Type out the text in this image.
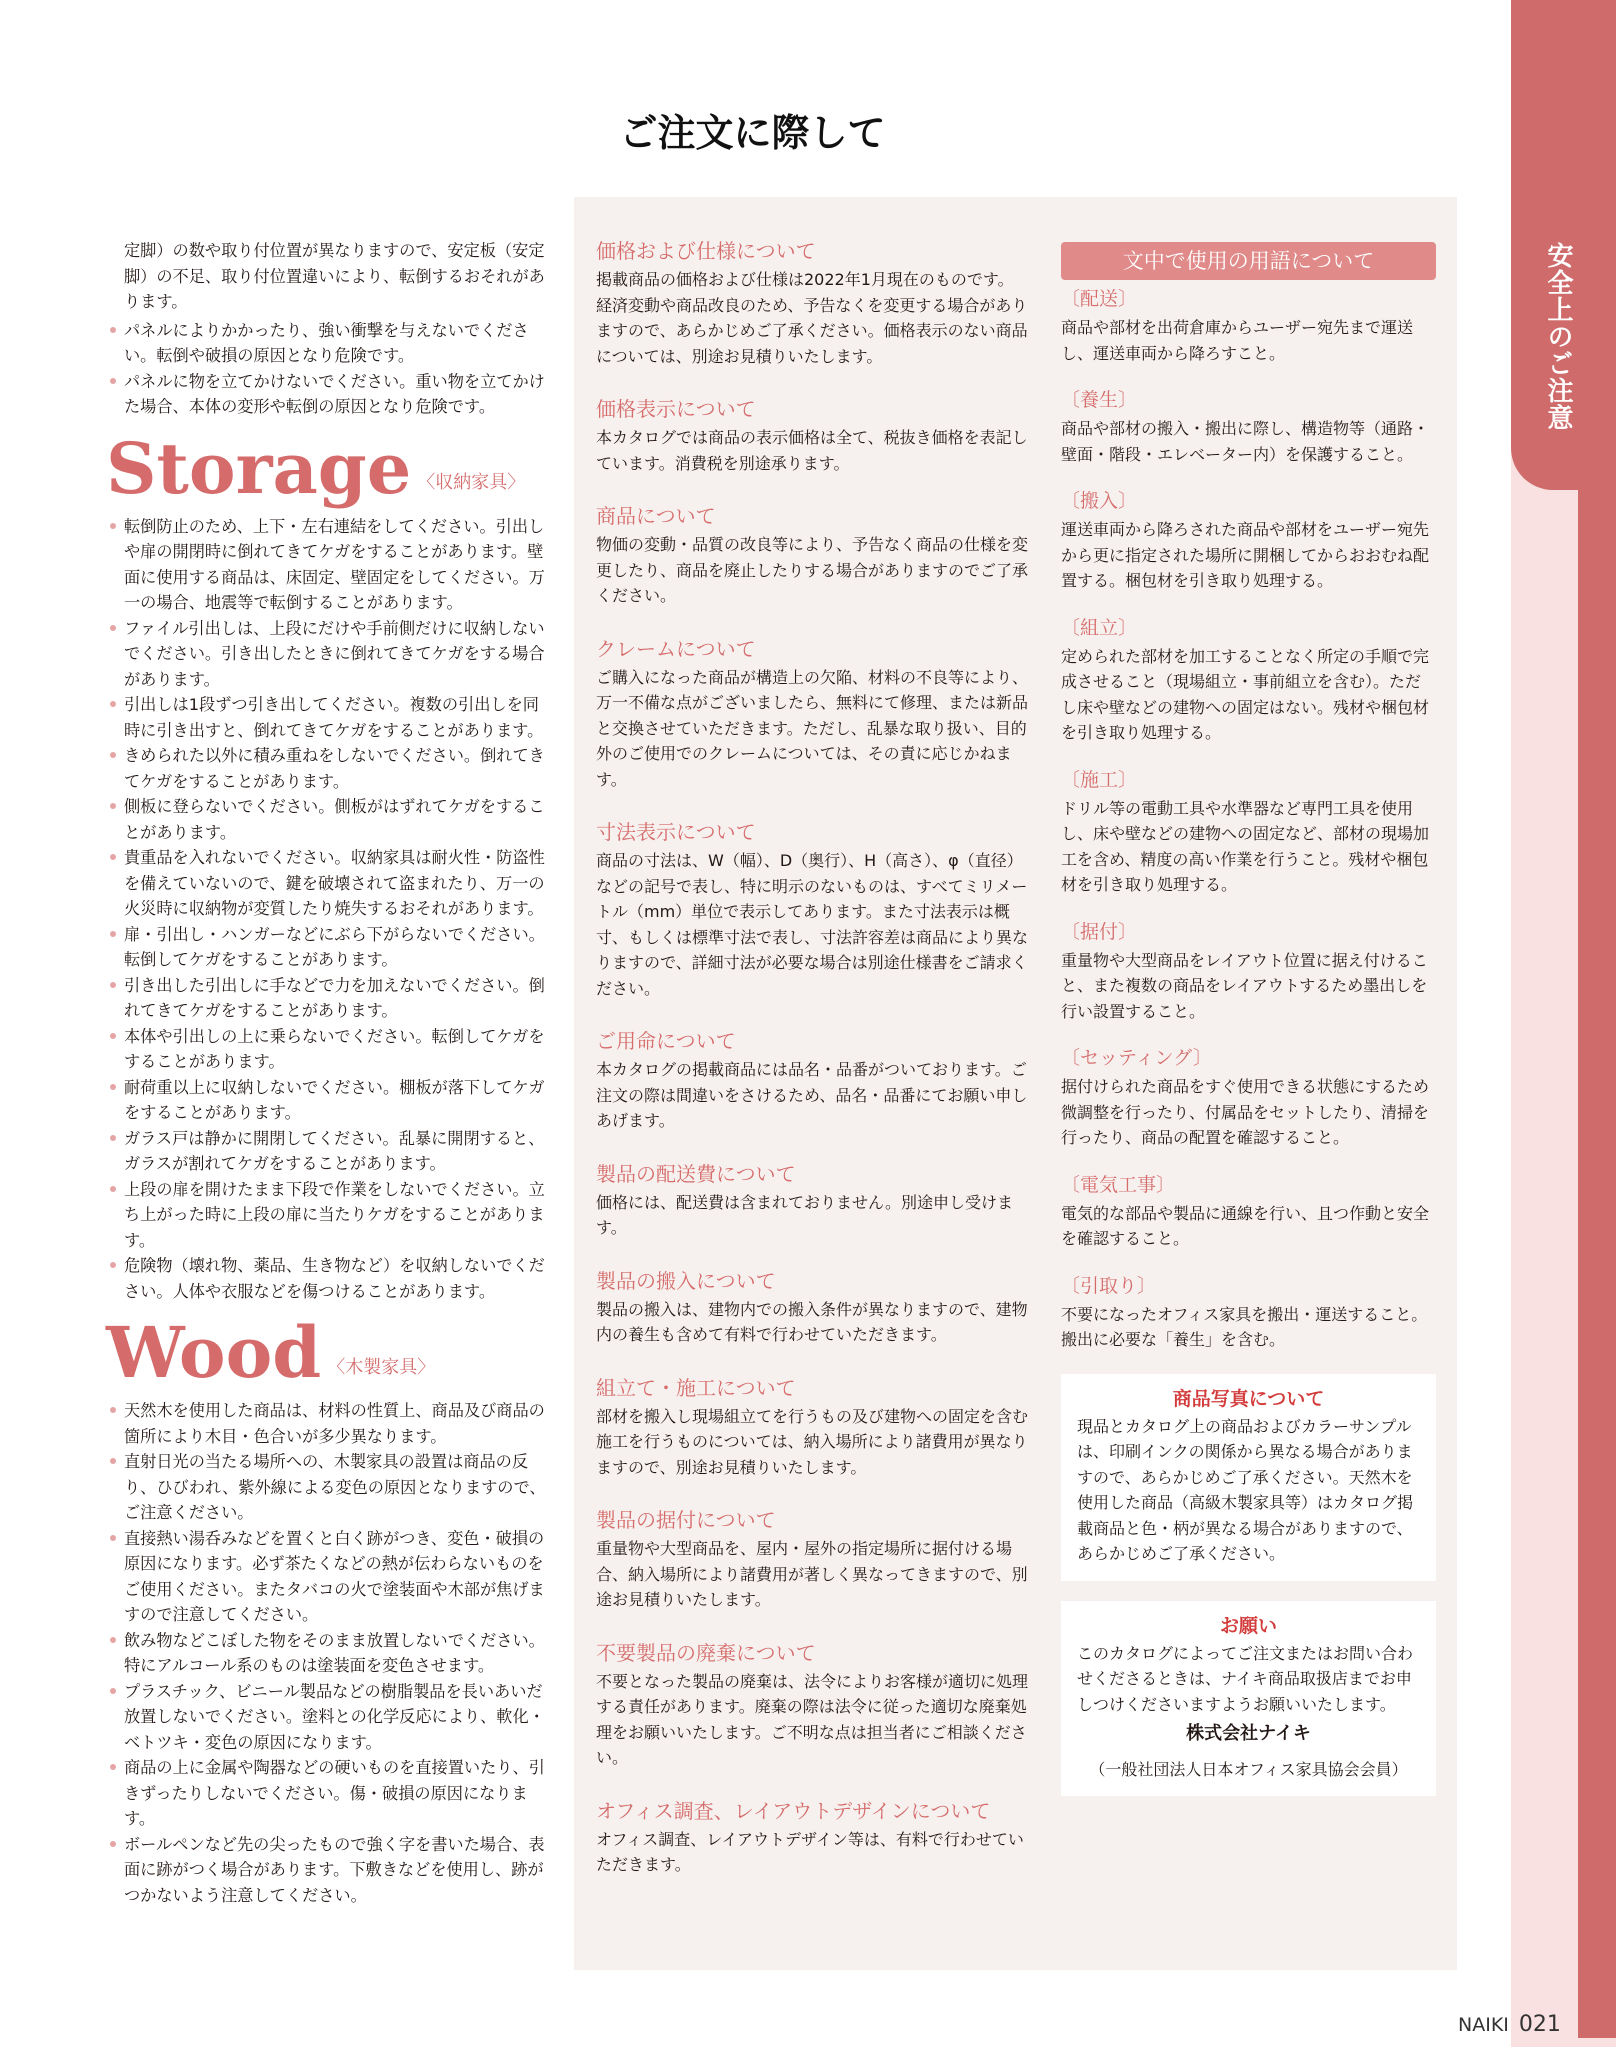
安全上のご注意
ご注文に際して

定脚）の数や取り付位置が異なりますので、安定板（安定脚）の不足、取り付位置違いにより、転倒するおそれがあります。

パネルによりかかったり、強い衝撃を与えないでください。転倒や破損の原因となり危険です。
パネルに物を立てかけないでください。重い物を立てかけた場合、本体の変形や転倒の原因となり危険です。
Storage 〈収納家具〉
転倒防止のため、上下・左右連結をしてください。引出しや扉の開閉時に倒れてきてケガをすることがあります。壁面に使用する商品は、床固定、壁固定をしてください。万一の場合、地震等で転倒することがあります。
ファイル引出しは、上段にだけや手前側だけに収納しないでください。引き出したときに倒れてきてケガをする場合があります。
引出しは1段ずつ引き出してください。複数の引出しを同時に引き出すと、倒れてきてケガをすることがあります。
きめられた以外に積み重ねをしないでください。倒れてきてケガをすることがあります。
側板に登らないでください。側板がはずれてケガをすることがあります。
貴重品を入れないでください。収納家具は耐火性・防盗性を備えていないので、鍵を破壊されて盗まれたり、万一の火災時に収納物が変質したり焼失するおそれがあります。
扉・引出し・ハンガーなどにぶら下がらないでください。転倒してケガをすることがあります。
引き出した引出しに手などで力を加えないでください。倒れてきてケガをすることがあります。
本体や引出しの上に乗らないでください。転倒してケガをすることがあります。
耐荷重以上に収納しないでください。棚板が落下してケガをすることがあります。
ガラス戸は静かに開閉してください。乱暴に開閉すると、ガラスが割れてケガをすることがあります。
上段の扉を開けたまま下段で作業をしないでください。立ち上がった時に上段の扉に当たりケガをすることがあります。
危険物（壊れ物、薬品、生き物など）を収納しないでください。人体や衣服などを傷つけることがあります。
Wood 〈木製家具〉
天然木を使用した商品は、材料の性質上、商品及び商品の箇所により木目・色合いが多少異なります。
直射日光の当たる場所への、木製家具の設置は商品の反り、ひびわれ、紫外線による変色の原因となりますので、ご注意ください。
直接熱い湯呑みなどを置くと白く跡がつき、変色・破損の原因になります。必ず茶たくなどの熱が伝わらないものをご使用ください。またタバコの火で塗装面や木部が焦げますので注意してください。
飲み物などこぼした物をそのまま放置しないでください。特にアルコール系のものは塗装面を変色させます。
プラスチック、ビニール製品などの樹脂製品を長いあいだ放置しないでください。塗料との化学反応により、軟化・ベトツキ・変色の原因になります。
商品の上に金属や陶器などの硬いものを直接置いたり、引きずったりしないでください。傷・破損の原因になります。
ボールペンなど先の尖ったもので強く字を書いた場合、表面に跡がつく場合があります。下敷きなどを使用し、跡がつかないよう注意してください。
価格および仕様について

掲載商品の価格および仕様は2022年1月現在のものです。経済変動や商品改良のため、予告なくを変更する場合がありますので、あらかじめご了承ください。価格表示のない商品については、別途お見積りいたします。

価格表示について

本カタログでは商品の表示価格は全て、税抜き価格を表記しています。消費税を別途承ります。

商品について

物価の変動・品質の改良等により、予告なく商品の仕様を変更したり、商品を廃止したりする場合がありますのでご了承ください。

クレームについて

ご購入になった商品が構造上の欠陥、材料の不良等により、万一不備な点がございましたら、無料にて修理、または新品と交換させていただきます。ただし、乱暴な取り扱い、目的外のご使用でのクレームについては、その責に応じかねます。

寸法表示について

商品の寸法は、W（幅）、D（奥行）、H（高さ）、φ（直径）などの記号で表し、特に明示のないものは、すべてミリメートル（mm）単位で表示してあります。また寸法表示は概寸、もしくは標準寸法で表し、寸法許容差は商品により異なりますので、詳細寸法が必要な場合は別途仕様書をご請求ください。

ご用命について

本カタログの掲載商品には品名・品番がついております。ご注文の際は間違いをさけるため、品名・品番にてお願い申しあげます。

製品の配送費について

価格には、配送費は含まれておりません。別途申し受けます。

製品の搬入について

製品の搬入は、建物内での搬入条件が異なりますので、建物内の養生も含めて有料で行わせていただきます。

組立て・施工について

部材を搬入し現場組立てを行うもの及び建物への固定を含む施工を行うものについては、納入場所により諸費用が異なりますので、別途お見積りいたします。

製品の据付について

重量物や大型商品を、屋内・屋外の指定場所に据付ける場合、納入場所により諸費用が著しく異なってきますので、別途お見積りいたします。

不要製品の廃棄について

不要となった製品の廃棄は、法令によりお客様が適切に処理する責任があります。廃棄の際は法令に従った適切な廃棄処理をお願いいたします。ご不明な点は担当者にご相談ください。

オフィス調査、レイアウトデザインについて

オフィス調査、レイアウトデザイン等は、有料で行わせていただきます。

文中で使用の用語について
〔配送〕

商品や部材を出荷倉庫からユーザー宛先まで運送し、運送車両から降ろすこと。

〔養生〕

商品や部材の搬入・搬出に際し、構造物等（通路・壁面・階段・エレベーター内）を保護すること。

〔搬入〕

運送車両から降ろされた商品や部材をユーザー宛先から更に指定された場所に開梱してからおおむね配置する。梱包材を引き取り処理する。

〔組立〕

定められた部材を加工することなく所定の手順で完成させること（現場組立・事前組立を含む）。ただし床や壁などの建物への固定はない。残材や梱包材を引き取り処理する。

〔施工〕

ドリル等の電動工具や水準器など専門工具を使用し、床や壁などの建物への固定など、部材の現場加工を含め、精度の高い作業を行うこと。残材や梱包材を引き取り処理する。

〔据付〕

重量物や大型商品をレイアウト位置に据え付けること、また複数の商品をレイアウトするため墨出しを行い設置すること。

〔セッティング〕

据付けられた商品をすぐ使用できる状態にするため微調整を行ったり、付属品をセットしたり、清掃を行ったり、商品の配置を確認すること。

〔電気工事〕

電気的な部品や製品に通線を行い、且つ作動と安全を確認すること。

〔引取り〕

不要になったオフィス家具を搬出・運送すること。搬出に必要な「養生」を含む。

商品写真について

現品とカタログ上の商品およびカラーサンプルは、印刷インクの関係から異なる場合がありますので、あらかじめご了承ください。天然木を使用した商品（高級木製家具等）はカタログ掲載商品と色・柄が異なる場合がありますので、あらかじめご了承ください。

お願い

このカタログによってご注文またはお問い合わせくださるときは、ナイキ商品取扱店までお申しつけくださいますようお願いいたします。

株式会社ナイキ

（一般社団法人日本オフィス家具協会会員）

NAIKI 021
